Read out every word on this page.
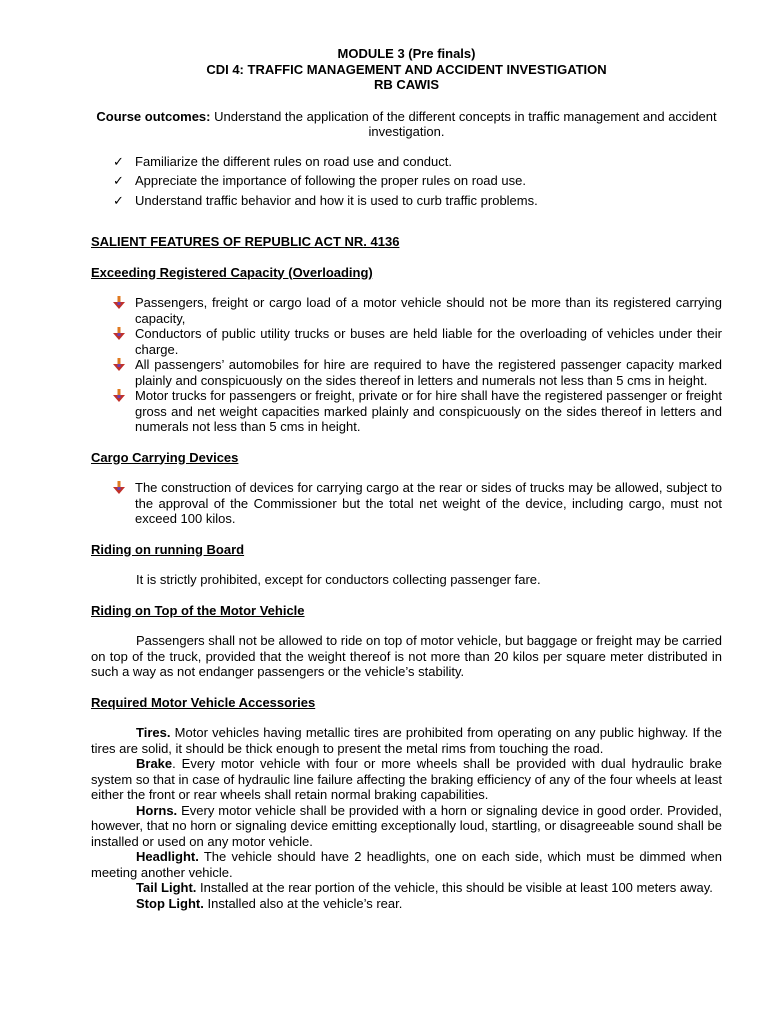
MODULE 3 (Pre finals)

CDI 4: TRAFFIC MANAGEMENT AND ACCIDENT INVESTIGATION

RB CAWIS

Course outcomes: Understand the application of the different concepts in traffic management and accident investigation.
✓ Familiarize the different rules on road use and conduct.
✓ Appreciate the importance of following the proper rules on road use.
✓ Understand traffic behavior and how it is used to curb traffic problems.
SALIENT FEATURES OF REPUBLIC ACT NR. 4136
Exceeding Registered Capacity (Overloading)
Passengers, freight or cargo load of a motor vehicle should not be more than its registered carrying capacity,
Conductors of public utility trucks or buses are held liable for the overloading of vehicles under their charge.
All passengers’ automobiles for hire are required to have the registered passenger capacity marked plainly and conspicuously on the sides thereof in letters and numerals not less than 5 cms in height.
Motor trucks for passengers or freight, private or for hire shall have the registered passenger or freight gross and net weight capacities marked plainly and conspicuously on the sides thereof in letters and numerals not less than 5 cms in height.
Cargo Carrying Devices
The construction of devices for carrying cargo at the rear or sides of trucks may be allowed, subject to the approval of the Commissioner but the total net weight of the device, including cargo, must not exceed 100 kilos.
Riding on running Board

It is strictly prohibited, except for conductors collecting passenger fare.

Riding on Top of the Motor Vehicle

Passengers shall not be allowed to ride on top of motor vehicle, but baggage or freight may be carried on top of the truck, provided that the weight thereof is not more than 20 kilos per square meter distributed in such a way as not endanger passengers or the vehicle’s stability.

Required Motor Vehicle Accessories

Tires. Motor vehicles having metallic tires are prohibited from operating on any public highway. If the tires are solid, it should be thick enough to present the metal rims from touching the road.

Brake. Every motor vehicle with four or more wheels shall be provided with dual hydraulic brake system so that in case of hydraulic line failure affecting the braking efficiency of any of the four wheels at least either the front or rear wheels shall retain normal braking capabilities.

Horns. Every motor vehicle shall be provided with a horn or signaling device in good order. Provided, however, that no horn or signaling device emitting exceptionally loud, startling, or disagreeable sound shall be installed or used on any motor vehicle.

Headlight. The vehicle should have 2 headlights, one on each side, which must be dimmed when meeting another vehicle.

Tail Light. Installed at the rear portion of the vehicle, this should be visible at least 100 meters away.

Stop Light. Installed also at the vehicle’s rear.
